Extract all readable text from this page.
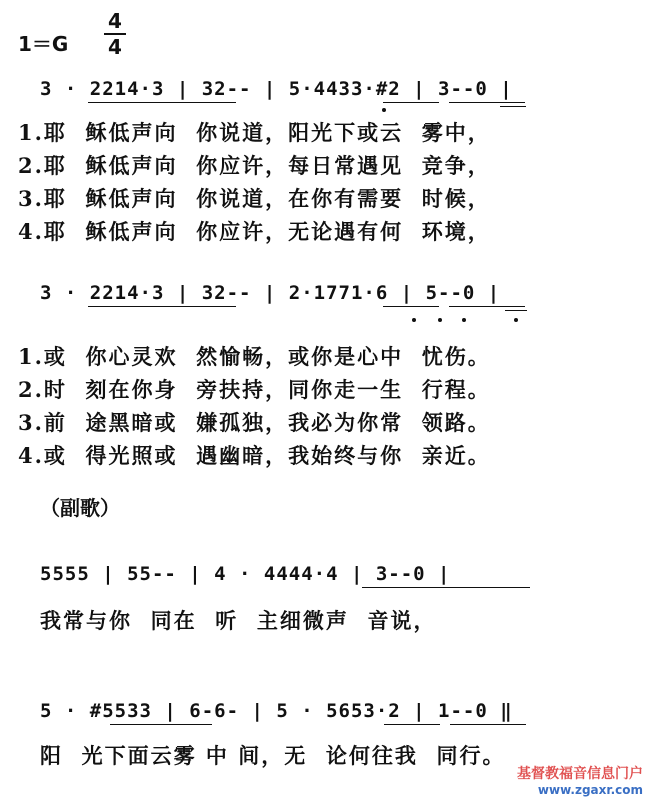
1＝G
4
4
3 · 2214·3 | 32-- | 5·4433·#2 | 3--0 |
1.耶  稣低声向  你说道，阳光下或云  雾中，
2.耶  稣低声向  你应许，每日常遇见  竞争，
3.耶  稣低声向  你说道，在你有需要  时候，
4.耶  稣低声向  你应许，无论遇有何  环境，
3 · 2214·3 | 32-- | 2·1771·6 | 5--0 |
1.或  你心灵欢  然愉畅，或你是心中  忧伤。
2.时  刻在你身  旁扶持，同你走一生  行程。
3.前  途黑暗或  嫌孤独，我必为你常  领路。
4.或  得光照或  遇幽暗，我始终与你  亲近。
（副歌）
5555 | 55-- | 4 · 4444·4 | 3--0 |
我常与你  同在  听  主细微声  音说，
5 · #5533 | 6-6- | 5 · 5653·2 | 1--0 ‖
阳  光下面云雾 中 间，无  论何往我  同行。
基督教福音信息门户
www.zgaxr.com
